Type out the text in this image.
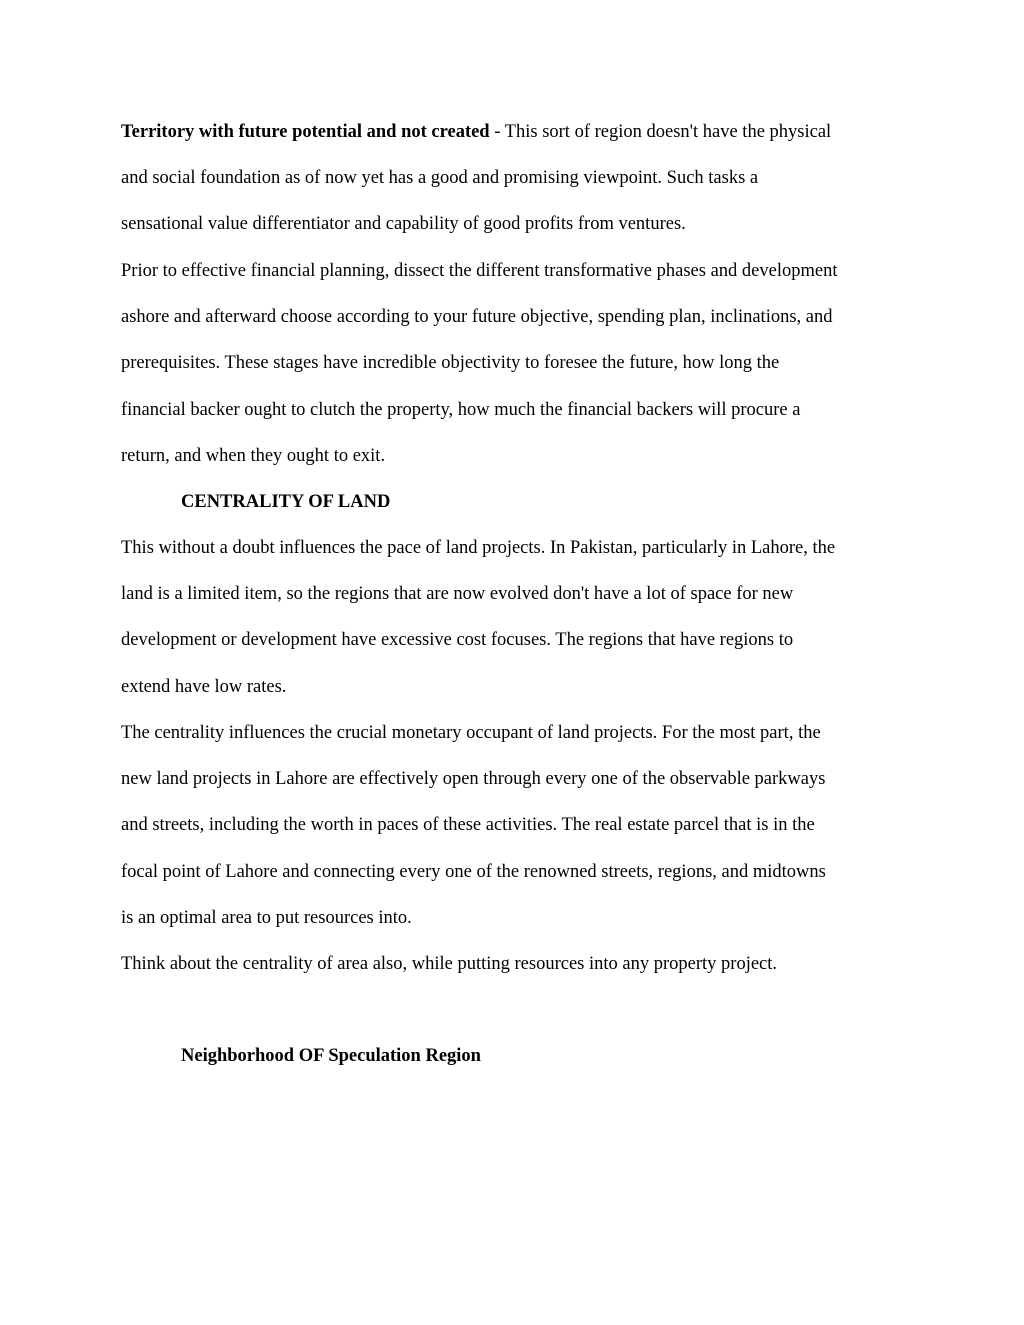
Territory with future potential and not created - This sort of region doesn't have the physical
and social foundation as of now yet has a good and promising viewpoint. Such tasks a
sensational value differentiator and capability of good profits from ventures.

Prior to effective financial planning, dissect the different transformative phases and development
ashore and afterward choose according to your future objective, spending plan, inclinations, and
prerequisites. These stages have incredible objectivity to foresee the future, how long the
financial backer ought to clutch the property, how much the financial backers will procure a
return, and when they ought to exit.

CENTRALITY OF LAND

This without a doubt influences the pace of land projects. In Pakistan, particularly in Lahore, the
land is a limited item, so the regions that are now evolved don't have a lot of space for new
development or development have excessive cost focuses. The regions that have regions to
extend have low rates.

The centrality influences the crucial monetary occupant of land projects. For the most part, the
new land projects in Lahore are effectively open through every one of the observable parkways
and streets, including the worth in paces of these activities. The real estate parcel that is in the
focal point of Lahore and connecting every one of the renowned streets, regions, and midtowns
is an optimal area to put resources into.

Think about the centrality of area also, while putting resources into any property project.

Neighborhood OF Speculation Region
